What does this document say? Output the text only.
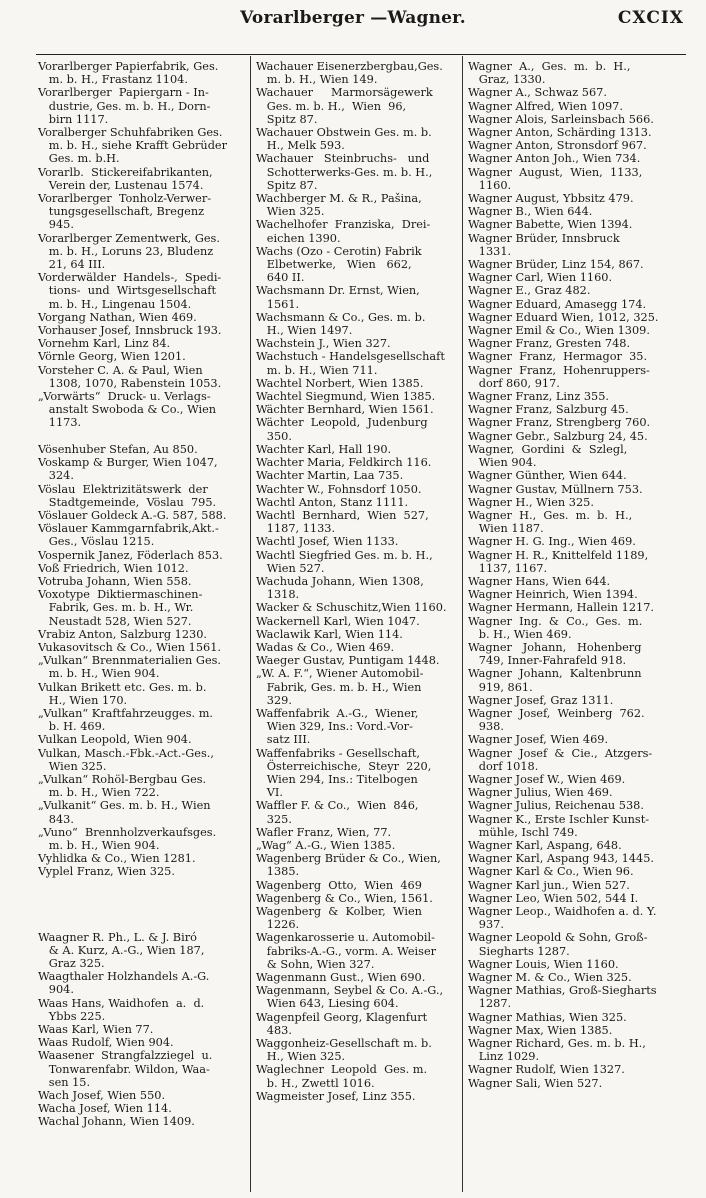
Vorarlberger —Wagner.	CXCIX
Vorarlberger Papierfabrik, Ges.
m. b. H., Frastanz 1104.
Vorarlberger  Papiergarn - In-
dustrie, Ges. m. b. H., Dorn-
birn 1117.
Voralberger Schuhfabriken Ges.
m. b. H., siehe Krafft Gebrüder
Ges. m. b.H.
Vorarlb.  Stickereifabrikanten,
Verein der, Lustenau 1574.
Vorarlberger  Tonholz-Verwer-
tungsgesellschaft, Bregenz
945.
Vorarlberger Zementwerk, Ges.
m. b. H., Loruns 23, Bludenz
21, 64 III.
Vorderwälder  Handels-,  Spedi-
tions-  und  Wirtsgesellschaft
m. b. H., Lingenau 1504.
Vorgang Nathan, Wien 469.
Vorhauser Josef, Innsbruck 193.
Vornehm Karl, Linz 84.
Vörnle Georg, Wien 1201.
Vorsteher C. A. & Paul, Wien
1308, 1070, Rabenstein 1053.
„Vorwärts“  Druck- u. Verlags-
anstalt Swoboda & Co., Wien
1173.

Vösenhuber Stefan, Au 850.
Voskamp & Burger, Wien 1047,
324.
Vöslau  Elektrizitätswerk  der
Stadtgemeinde,  Vöslau  795.
Vöslauer Goldeck A.-G. 587, 588.
Vöslauer Kammgarnfabrik,Akt.-
Ges., Vöslau 1215.
Vospernik Janez, Föderlach 853.
Voß Friedrich, Wien 1012.
Votruba Johann, Wien 558.
Voxotype  Diktiermaschinen-
Fabrik, Ges. m. b. H., Wr.
Neustadt 528, Wien 527.
Vrabiz Anton, Salzburg 1230.
Vukasovitsch & Co., Wien 1561.
„Vulkan“ Brennmaterialien Ges.
m. b. H., Wien 904.
Vulkan Brikett etc. Ges. m. b.
H., Wien 170.
„Vulkan“ Kraftfahrzeugges. m.
b. H. 469.
Vulkan Leopold, Wien 904.
Vulkan, Masch.-Fbk.-Act.-Ges.,
Wien 325.
„Vulkan“ Rohöl-Bergbau Ges.
m. b. H., Wien 722.
„Vulkanit“ Ges. m. b. H., Wien
843.
„Vuno“  Brennholzverkaufsges.
m. b. H., Wien 904.
Vyhlidka & Co., Wien 1281.
Vyplel Franz, Wien 325.
Waagner R. Ph., L. & J. Biró
& A. Kurz, A.-G., Wien 187,
Graz 325.
Waagthaler Holzhandels A.-G.
904.
Waas Hans, Waidhofen  a.  d.
Ybbs 225.
Waas Karl, Wien 77.
Waas Rudolf, Wien 904.
Waasener  Strangfalzziegel  u.
Tonwarenfabr. Wildon, Waa-
sen 15.
Wach Josef, Wien 550.
Wacha Josef, Wien 114.
Wachal Johann, Wien 1409.
Wachauer Eisenerzbergbau,Ges.
m. b. H., Wien 149.
Wachauer     Marmorsägewerk
Ges. m. b. H.,  Wien  96,
Spitz 87.
Wachauer Obstwein Ges. m. b.
H., Melk 593.
Wachauer   Steinbruchs-   und
Schotterwerks-Ges. m. b. H.,
Spitz 87.
Wachberger M. & R., Pašina,
Wien 325.
Wachelhofer  Franziska,  Drei-
eichen 1390.
Wachs (Ozo - Cerotin) Fabrik
Elbetwerke,   Wien   662,
640 II.
Wachsmann Dr. Ernst, Wien,
1561.
Wachsmann & Co., Ges. m. b.
H., Wien 1497.
Wachstein J., Wien 327.
Wachstuch - Handelsgesellschaft
m. b. H., Wien 711.
Wachtel Norbert, Wien 1385.
Wachtel Siegmund, Wien 1385.
Wächter Bernhard, Wien 1561.
Wächter  Leopold,  Judenburg
350.
Wachter Karl, Hall 190.
Wachter Maria, Feldkirch 116.
Wachter Martin, Laa 735.
Wachter W., Fohnsdorf 1050.
Wachtl Anton, Stanz 1111.
Wachtl  Bernhard,  Wien  527,
1187, 1133.
Wachtl Josef, Wien 1133.
Wachtl Siegfried Ges. m. b. H.,
Wien 527.
Wachuda Johann, Wien 1308,
1318.
Wacker & Schuschitz,Wien 1160.
Wackernell Karl, Wien 1047.
Waclawik Karl, Wien 114.
Wadas & Co., Wien 469.
Waeger Gustav, Puntigam 1448.
„W. A. F.“, Wiener Automobil-
Fabrik, Ges. m. b. H., Wien
329.
Waffenfabrik  A.-G.,  Wiener,
Wien 329, Ins.: Vord.-Vor-
satz III.
Waffenfabriks - Gesellschaft,
Österreichische,  Steyr  220,
Wien 294, Ins.: Titelbogen
VI.
Waffler F. & Co.,  Wien  846,
325.
Wafler Franz, Wien, 77.
„Wag“ A.-G., Wien 1385.
Wagenberg Brüder & Co., Wien,
1385.
Wagenberg  Otto,  Wien  469
Wagenberg & Co., Wien, 1561.
Wagenberg  &  Kolber,  Wien
1226.
Wagenkarosserie u. Automobil-
fabriks-A.-G., vorm. A. Weiser
& Sohn, Wien 327.
Wagenmann Gust., Wien 690.
Wagenmann, Seybel & Co. A.-G.,
Wien 643, Liesing 604.
Wagenpfeil Georg, Klagenfurt
483.
Waggonheiz-Gesellschaft m. b.
H., Wien 325.
Waglechner  Leopold  Ges. m.
b. H., Zwettl 1016.
Wagmeister Josef, Linz 355.
Wagner  A.,  Ges.  m.  b.  H.,
Graz, 1330.
Wagner A., Schwaz 567.
Wagner Alfred, Wien 1097.
Wagner Alois, Sarleinsbach 566.
Wagner Anton, Schärding 1313.
Wagner Anton, Stronsdorf 967.
Wagner Anton Joh., Wien 734.
Wagner  August,  Wien,  1133,
1160.
Wagner August, Ybbsitz 479.
Wagner B., Wien 644.
Wagner Babette, Wien 1394.
Wagner Brüder, Innsbruck
1331.
Wagner Brüder, Linz 154, 867.
Wagner Carl, Wien 1160.
Wagner E., Graz 482.
Wagner Eduard, Amasegg 174.
Wagner Eduard Wien, 1012, 325.
Wagner Emil & Co., Wien 1309.
Wagner Franz, Gresten 748.
Wagner  Franz,  Hermagor  35.
Wagner  Franz,  Hohenruppers-
dorf 860, 917.
Wagner Franz, Linz 355.
Wagner Franz, Salzburg 45.
Wagner Franz, Strengberg 760.
Wagner Gebr., Salzburg 24, 45.
Wagner,  Gordini  &  Szlegl,
Wien 904.
Wagner Günther, Wien 644.
Wagner Gustav, Müllnern 753.
Wagner H., Wien 325.
Wagner  H.,  Ges.  m.  b.  H.,
Wien 1187.
Wagner H. G. Ing., Wien 469.
Wagner H. R., Knittelfeld 1189,
1137, 1167.
Wagner Hans, Wien 644.
Wagner Heinrich, Wien 1394.
Wagner Hermann, Hallein 1217.
Wagner  Ing.  &  Co.,  Ges.  m.
b. H., Wien 469.
Wagner   Johann,   Hohenberg
749, Inner-Fahrafeld 918.
Wagner  Johann,  Kaltenbrunn
919, 861.
Wagner Josef, Graz 1311.
Wagner  Josef,  Weinberg  762.
938.
Wagner Josef, Wien 469.
Wagner  Josef  &  Cie.,  Atzgers-
dorf 1018.
Wagner Josef W., Wien 469.
Wagner Julius, Wien 469.
Wagner Julius, Reichenau 538.
Wagner K., Erste Ischler Kunst-
mühle, Ischl 749.
Wagner Karl, Aspang, 648.
Wagner Karl, Aspang 943, 1445.
Wagner Karl & Co., Wien 96.
Wagner Karl jun., Wien 527.
Wagner Leo, Wien 502, 544 I.
Wagner Leop., Waidhofen a. d. Y.
937.
Wagner Leopold & Sohn, Groß-
Siegharts 1287.
Wagner Louis, Wien 1160.
Wagner M. & Co., Wien 325.
Wagner Mathias, Groß-Siegharts
1287.
Wagner Mathias, Wien 325.
Wagner Max, Wien 1385.
Wagner Richard, Ges. m. b. H.,
Linz 1029.
Wagner Rudolf, Wien 1327.
Wagner Sali, Wien 527.
